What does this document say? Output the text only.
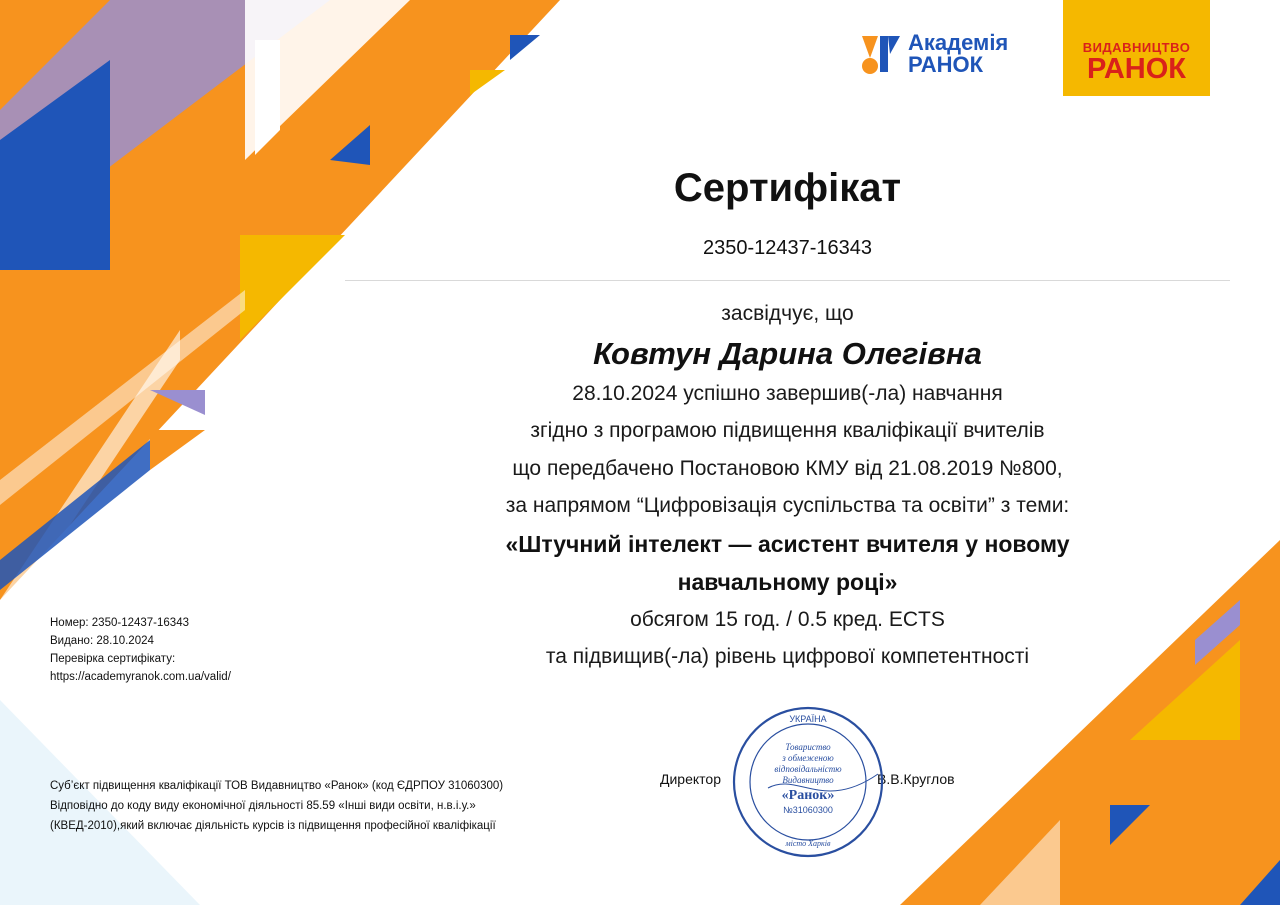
Академія
РАНОК
ВИДАВНИЦТВО
РАНОК
Сертифікат
2350-12437-16343
засвідчує, що
Ковтун Дарина Олегівна
28.10.2024 успішно завершив(-ла) навчання
згідно з програмою підвищення кваліфікації вчителів
що передбачено Постановою КМУ від 21.08.2019 №800,
за напрямом “Цифровізація суспільства та освіти” з теми:
«Штучний інтелект — асистент вчителя у новому
навчальному році»
обсягом 15 год. / 0.5 кред. ECTS
та підвищив(-ла) рівень цифрової компетентності
Номер: 2350-12437-16343
Видано: 28.10.2024
Перевірка сертифікату:
https://academyranok.com.ua/valid/
Суб’єкт підвищення кваліфікації ТОВ Видавництво «Ранок» (код ЄДРПОУ 31060300)
Відповідно до коду виду економічної діяльності 85.59 «Інші види освіти, н.в.і.у.»
(КВЕД-2010),який включає діяльність курсів із підвищення професійної кваліфікації
Директор	В.В.Круглов
УКРАЇНА
Товариство
з обмеженою
відповідальністю
Видавництво
«Ранок»
№31060300
місто Харків
